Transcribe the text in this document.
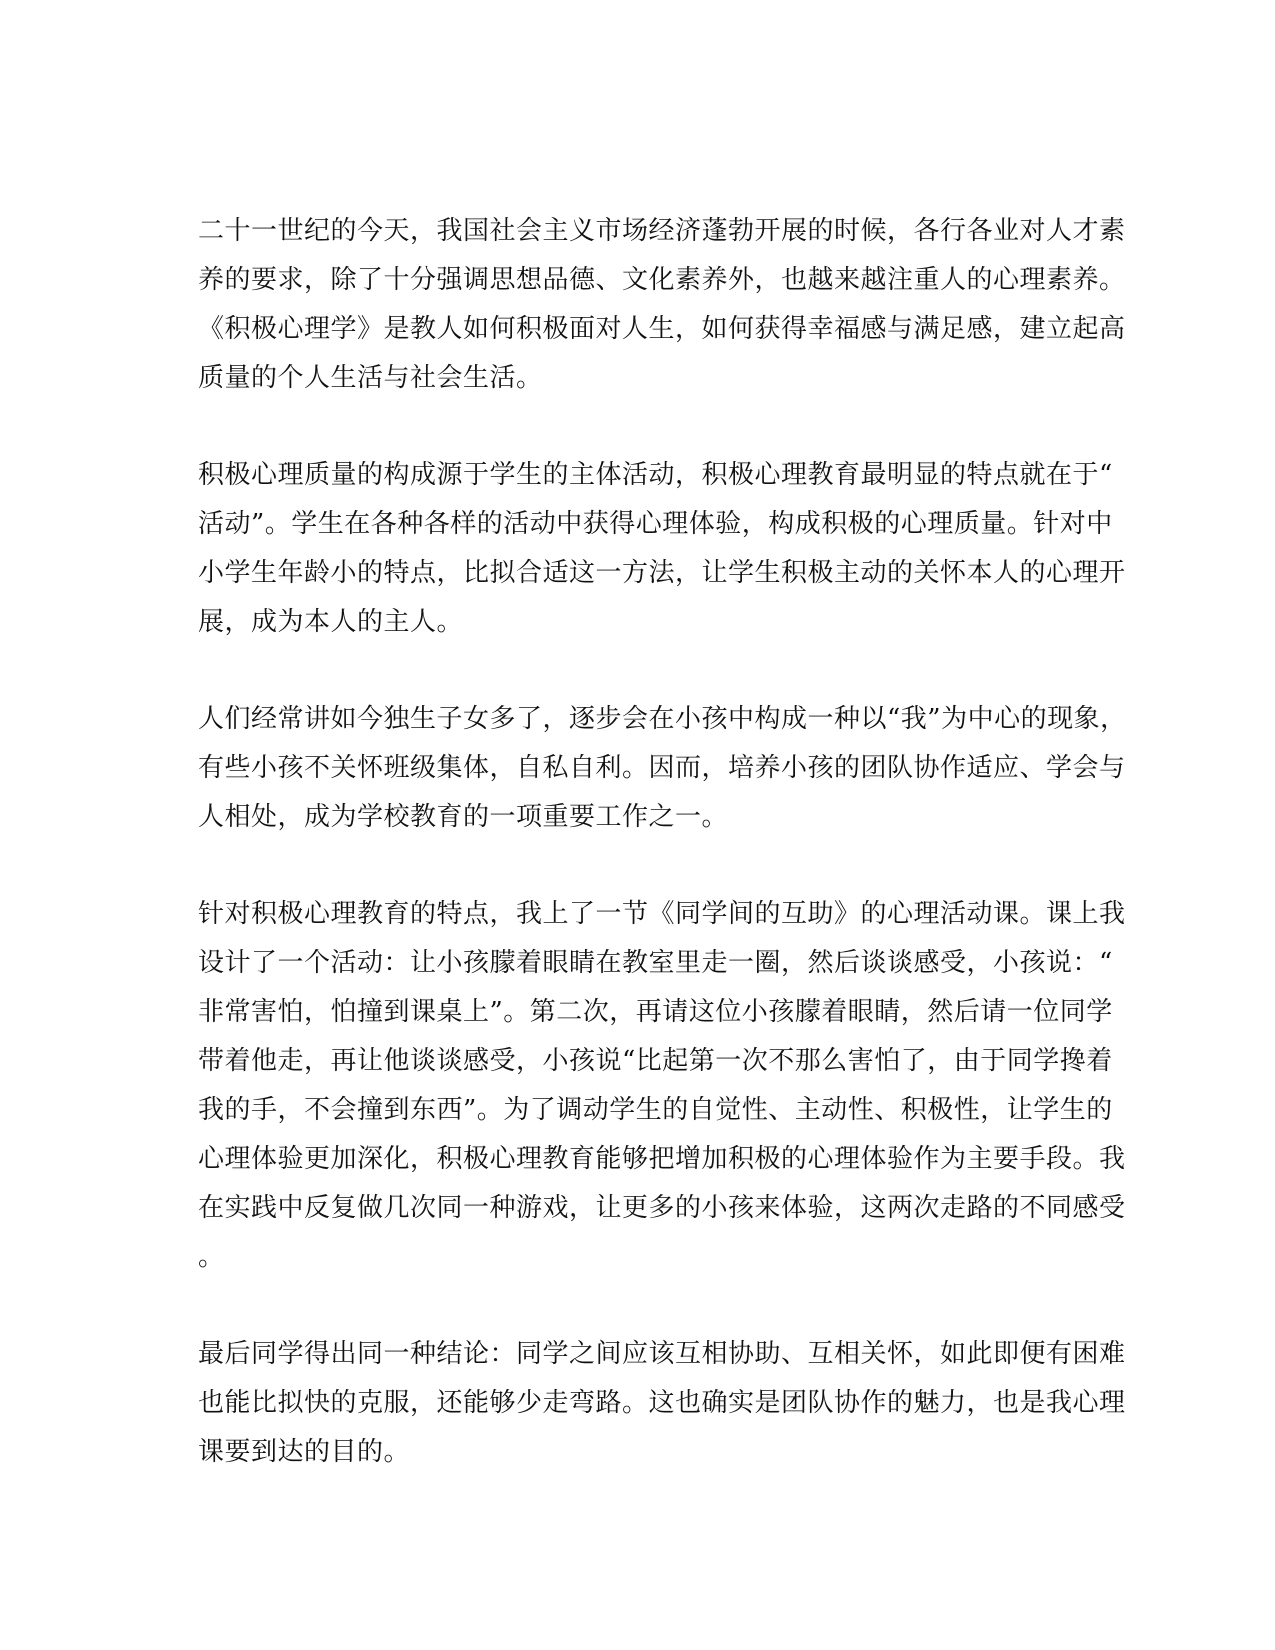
二十一世纪的今天，我国社会主义市场经济蓬勃开展的时候，各行各业对人才素
养的要求，除了十分强调思想品德、文化素养外，也越来越注重人的心理素养。
《积极心理学》是教人如何积极面对人生，如何获得幸福感与满足感，建立起高
质量的个人生活与社会生活。
积极心理质量的构成源于学生的主体活动，积极心理教育最明显的特点就在于“
活动”。学生在各种各样的活动中获得心理体验，构成积极的心理质量。针对中
小学生年龄小的特点，比拟合适这一方法，让学生积极主动的关怀本人的心理开
展，成为本人的主人。
人们经常讲如今独生子女多了，逐步会在小孩中构成一种以“我”为中心的现象，
有些小孩不关怀班级集体，自私自利。因而，培养小孩的团队协作适应、学会与
人相处，成为学校教育的一项重要工作之一。
针对积极心理教育的特点，我上了一节《同学间的互助》的心理活动课。课上我
设计了一个活动：让小孩朦着眼睛在教室里走一圈，然后谈谈感受，小孩说：“
非常害怕，怕撞到课桌上”。第二次，再请这位小孩朦着眼睛，然后请一位同学
带着他走，再让他谈谈感受，小孩说“比起第一次不那么害怕了，由于同学搀着
我的手，不会撞到东西”。为了调动学生的自觉性、主动性、积极性，让学生的
心理体验更加深化，积极心理教育能够把增加积极的心理体验作为主要手段。我
在实践中反复做几次同一种游戏，让更多的小孩来体验，这两次走路的不同感受
。
最后同学得出同一种结论：同学之间应该互相协助、互相关怀，如此即便有困难
也能比拟快的克服，还能够少走弯路。这也确实是团队协作的魅力，也是我心理
课要到达的目的。
